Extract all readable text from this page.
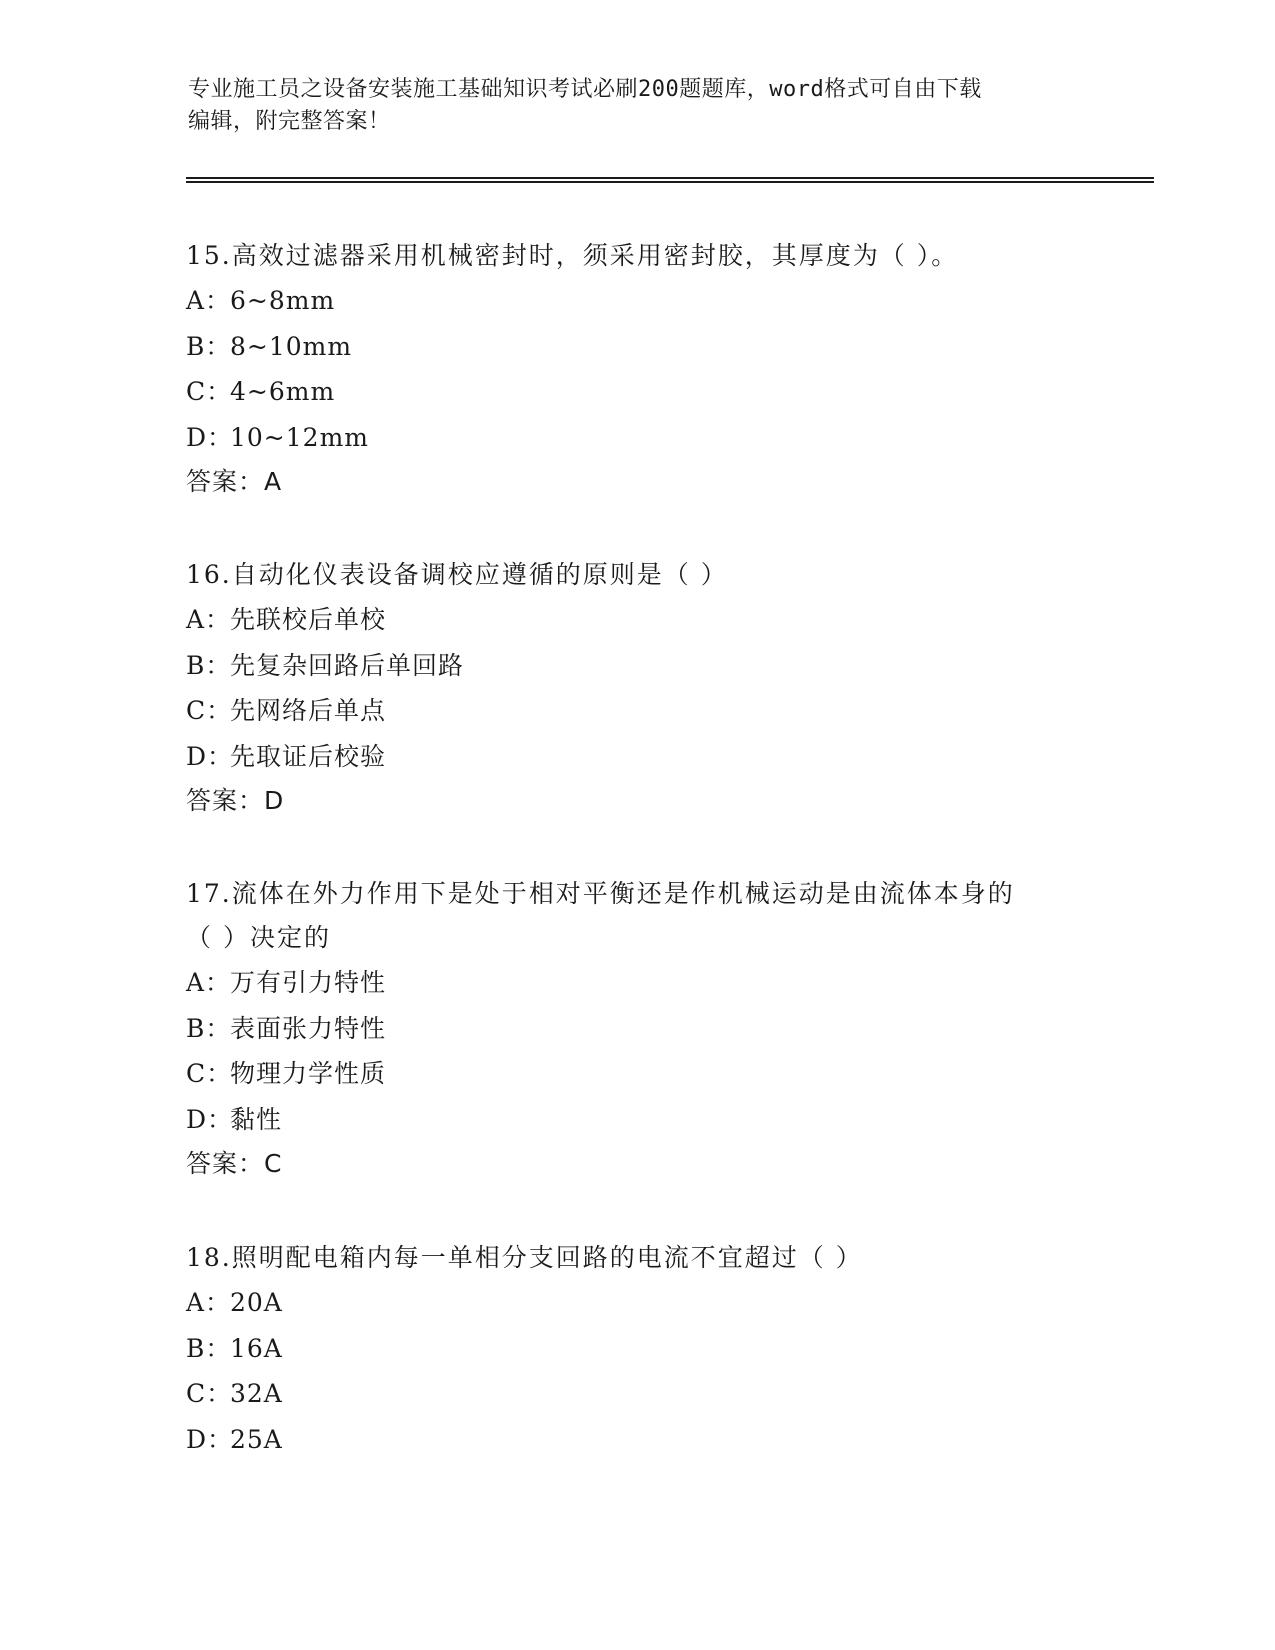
专业施工员之设备安装施工基础知识考试必刷200题题库，word格式可自由下载
编辑，附完整答案！
15.高效过滤器采用机械密封时，须采用密封胶，其厚度为（ ）。
A：6~8mm
B：8~10mm
C：4~6mm
D：10~12mm
答案：A
16.自动化仪表设备调校应遵循的原则是（ ）
A：先联校后单校
B：先复杂回路后单回路
C：先网络后单点
D：先取证后校验
答案：D
17.流体在外力作用下是处于相对平衡还是作机械运动是由流体本身的
（ ）决定的
A：万有引力特性
B：表面张力特性
C：物理力学性质
D：黏性
答案：C
18.照明配电箱内每一单相分支回路的电流不宜超过（ ）
A：20A
B：16A
C：32A
D：25A
